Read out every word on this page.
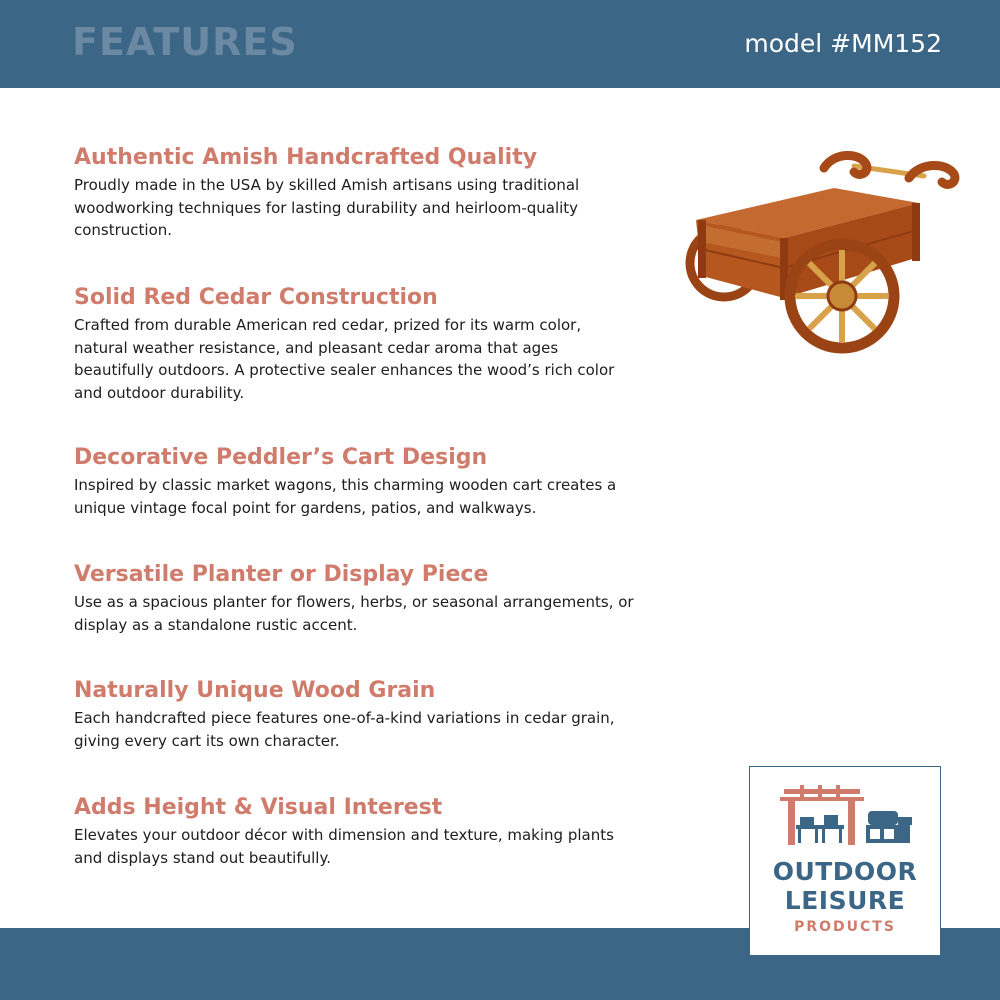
FEATURES	model #MM152
Authentic Amish Handcrafted Quality
Proudly made in the USA by skilled Amish artisans using traditional woodworking techniques for lasting durability and heirloom-quality construction.
Solid Red Cedar Construction
Crafted from durable American red cedar, prized for its warm color, natural weather resistance, and pleasant cedar aroma that ages beautifully outdoors. A protective sealer enhances the wood’s rich color and outdoor durability.
Decorative Peddler’s Cart Design
Inspired by classic market wagons, this charming wooden cart creates a unique vintage focal point for gardens, patios, and walkways.
Versatile Planter or Display Piece
Use as a spacious planter for flowers, herbs, or seasonal arrangements, or display as a standalone rustic accent.
Naturally Unique Wood Grain
Each handcrafted piece features one-of-a-kind variations in cedar grain, giving every cart its own character.
Adds Height & Visual Interest
Elevates your outdoor décor with dimension and texture, making plants and displays stand out beautifully.	OUTDOOR
LEISURE
PRODUCTS
